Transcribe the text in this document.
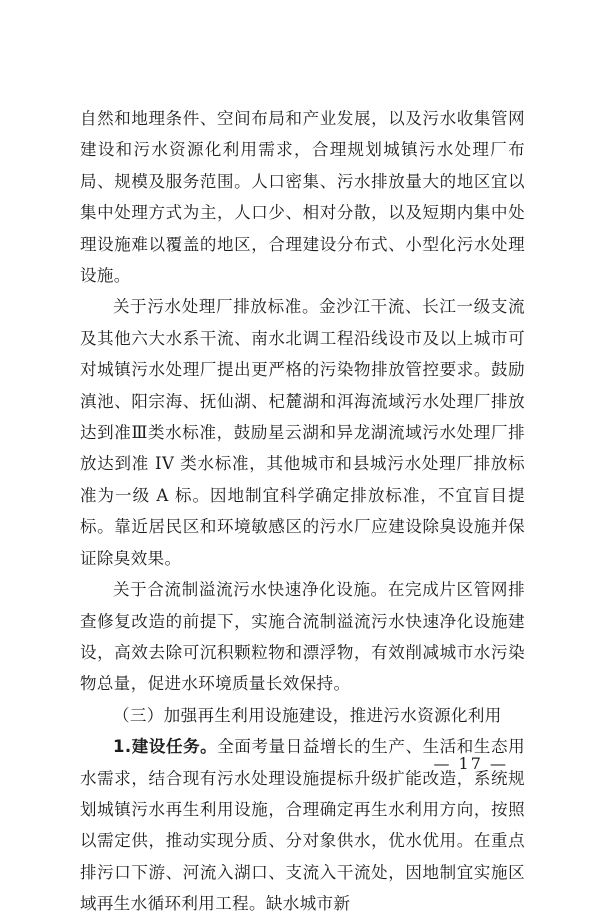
自然和地理条件、空间布局和产业发展，以及污水收集管网建设和污水资源化利用需求，合理规划城镇污水处理厂布局、规模及服务范围。人口密集、污水排放量大的地区宜以集中处理方式为主，人口少、相对分散，以及短期内集中处理设施难以覆盖的地区，合理建设分布式、小型化污水处理设施。

关于污水处理厂排放标准。金沙江干流、长江一级支流及其他六大水系干流、南水北调工程沿线设市及以上城市可对城镇污水处理厂提出更严格的污染物排放管控要求。鼓励滇池、阳宗海、抚仙湖、杞麓湖和洱海流域污水处理厂排放达到准Ⅲ类水标准，鼓励星云湖和异龙湖流域污水处理厂排放达到准 IV 类水标准，其他城市和县城污水处理厂排放标准为一级 A 标。因地制宜科学确定排放标准，不宜盲目提标。靠近居民区和环境敏感区的污水厂应建设除臭设施并保证除臭效果。

关于合流制溢流污水快速净化设施。在完成片区管网排查修复改造的前提下，实施合流制溢流污水快速净化设施建设，高效去除可沉积颗粒物和漂浮物，有效削减城市水污染物总量，促进水环境质量长效保持。

（三）加强再生利用设施建设，推进污水资源化利用

1.建设任务。全面考量日益增长的生产、生活和生态用水需求，结合现有污水处理设施提标升级扩能改造，系统规划城镇污水再生利用设施，合理确定再生水利用方向，按照以需定供，推动实现分质、分对象供水，优水优用。在重点排污口下游、河流入湖口、支流入干流处，因地制宜实施区域再生水循环利用工程。缺水城市新

— 17 —
